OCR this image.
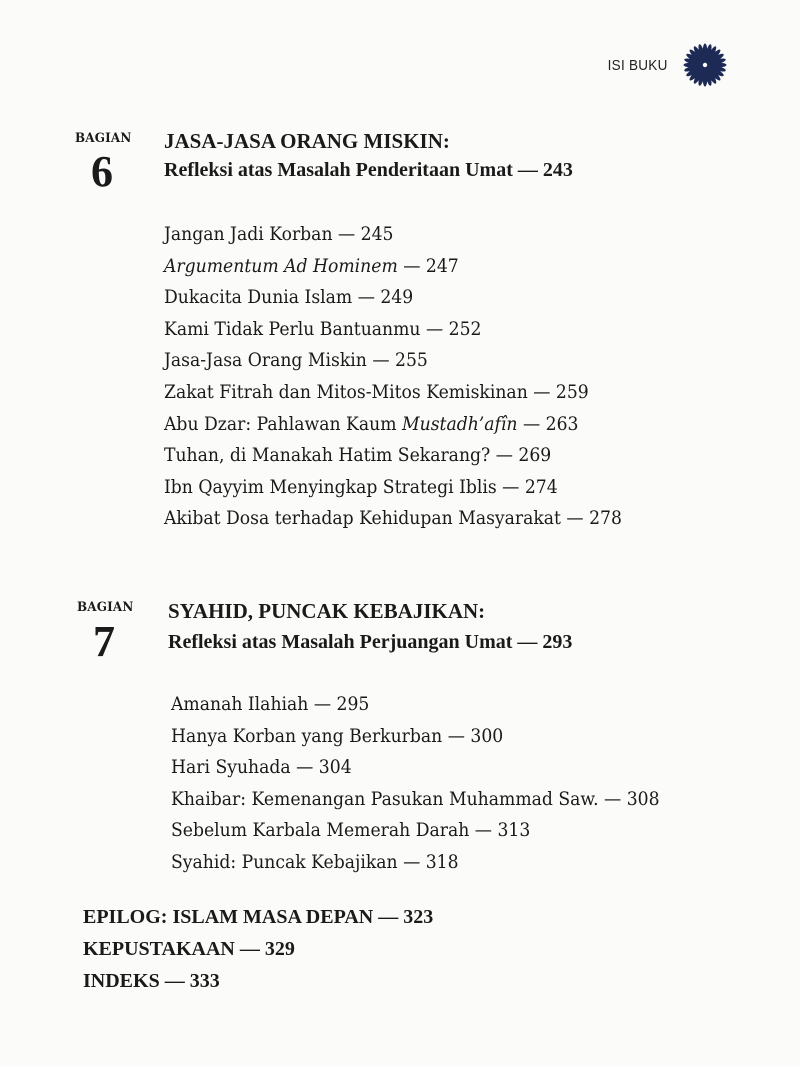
ISI BUKU
BAGIAN
6
JASA-JASA ORANG MISKIN:
Refleksi atas Masalah Penderitaan Umat — 243
Jangan Jadi Korban — 245
Argumentum Ad Hominem — 247
Dukacita Dunia Islam — 249
Kami Tidak Perlu Bantuanmu — 252
Jasa-Jasa Orang Miskin — 255
Zakat Fitrah dan Mitos-Mitos Kemiskinan — 259
Abu Dzar: Pahlawan Kaum Mustadh’afîn — 263
Tuhan, di Manakah Hatim Sekarang? — 269
Ibn Qayyim Menyingkap Strategi Iblis — 274
Akibat Dosa terhadap Kehidupan Masyarakat — 278
BAGIAN
7
SYAHID, PUNCAK KEBAJIKAN:
Refleksi atas Masalah Perjuangan Umat — 293
Amanah Ilahiah — 295
Hanya Korban yang Berkurban — 300
Hari Syuhada — 304
Khaibar: Kemenangan Pasukan Muhammad Saw. — 308
Sebelum Karbala Memerah Darah — 313
Syahid: Puncak Kebajikan — 318
EPILOG: ISLAM MASA DEPAN — 323
KEPUSTAKAAN — 329
INDEKS — 333
